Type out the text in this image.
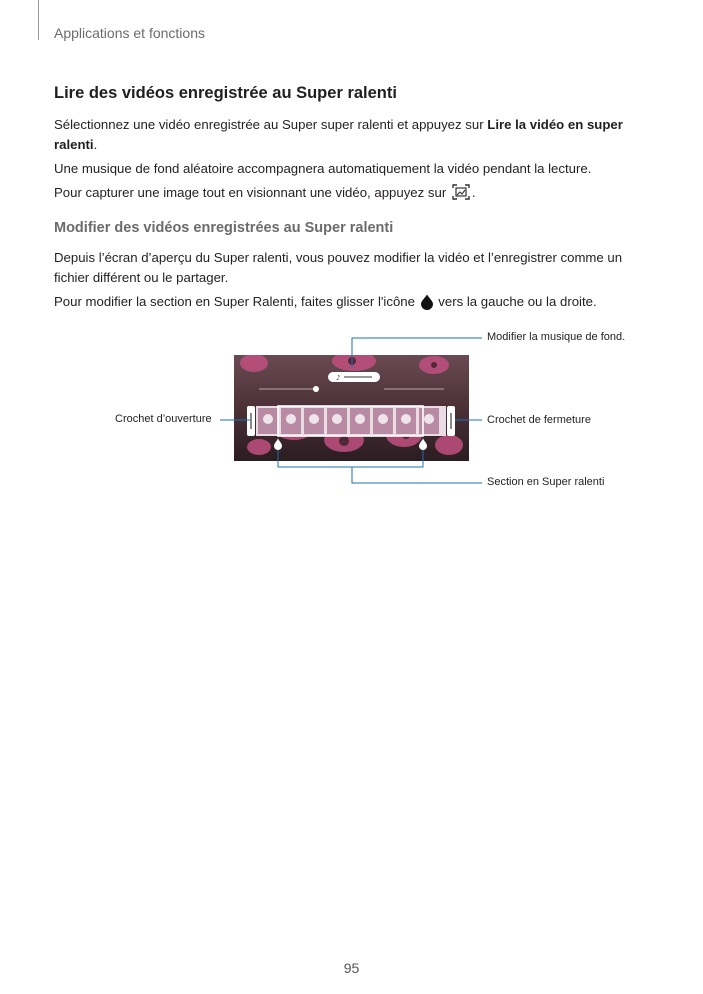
Applications et fonctions
Lire des vidéos enregistrée au Super ralenti
Sélectionnez une vidéo enregistrée au Super super ralenti et appuyez sur Lire la vidéo en super ralenti.
Une musique de fond aléatoire accompagnera automatiquement la vidéo pendant la lecture.
Pour capturer une image tout en visionnant une vidéo, appuyez sur .
Modifier des vidéos enregistrées au Super ralenti
Depuis l’écran d’aperçu du Super ralenti, vous pouvez modifier la vidéo et l’enregistrer comme un fichier différent ou le partager.
Pour modifier la section en Super Ralenti, faites glisser l'icône  vers la gauche ou la droite.
♪
Modifier la musique de fond.
Crochet d’ouverture	Crochet de fermeture
Section en Super ralenti
95
